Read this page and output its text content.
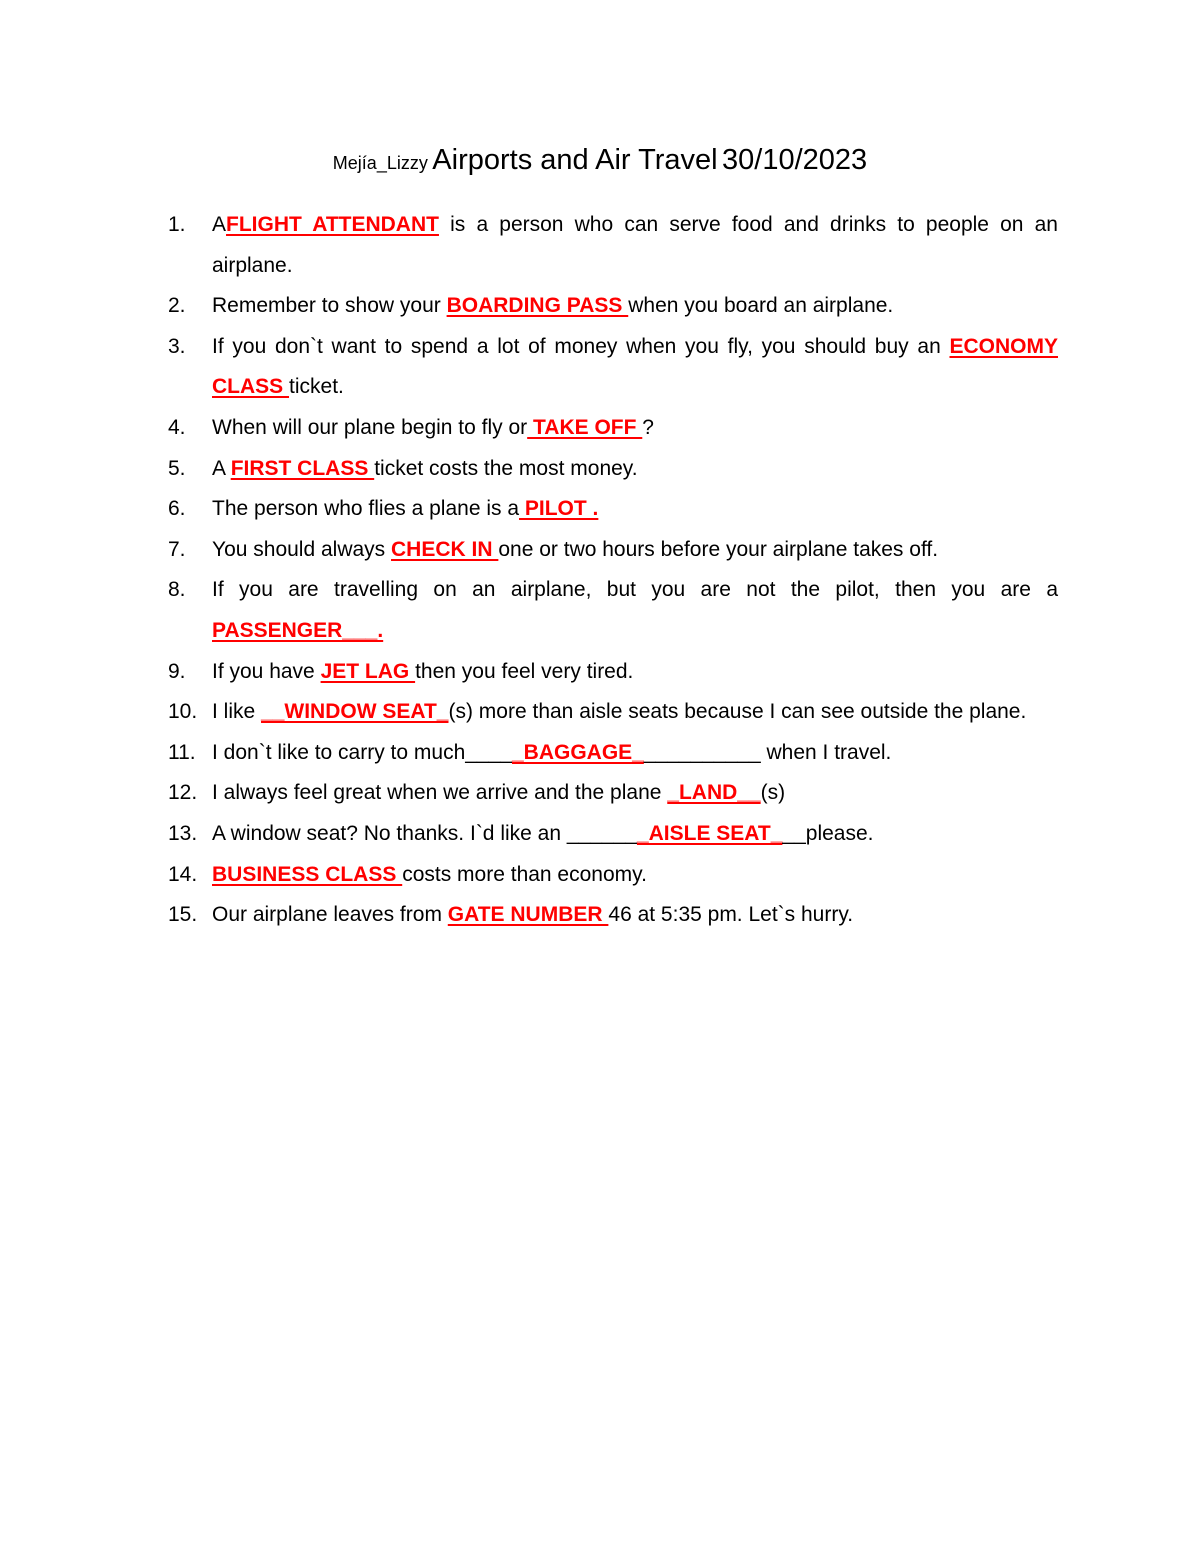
Mejía_Lizzy Airports and Air Travel 30/10/2023
1. AFLIGHT ATTENDANT is a person who can serve food and drinks to people on an airplane.
2. Remember to show your BOARDING PASS when you board an airplane.
3. If you don`t want to spend a lot of money when you fly, you should buy an ECONOMY CLASS ticket.
4. When will our plane begin to fly or TAKE OFF ?
5. A FIRST CLASS ticket costs the most money.
6. The person who flies a plane is a PILOT .
7. You should always CHECK IN one or two hours before your airplane takes off.
8. If you are travelling on an airplane, but you are not the pilot, then you are a PASSENGER___.
9. If you have JET LAG then you feel very tired.
10. I like __WINDOW SEAT_(s) more than aisle seats because I can see outside the plane.
11. I don`t like to carry to much_____BAGGAGE___________ when I travel.
12. I always feel great when we arrive and the plane _LAND__(s)
13. A window seat? No thanks. I`d like an _______AISLE SEAT___please.
14. BUSINESS CLASS costs more than economy.
15. Our airplane leaves from GATE NUMBER 46 at 5:35 pm. Let`s hurry.
